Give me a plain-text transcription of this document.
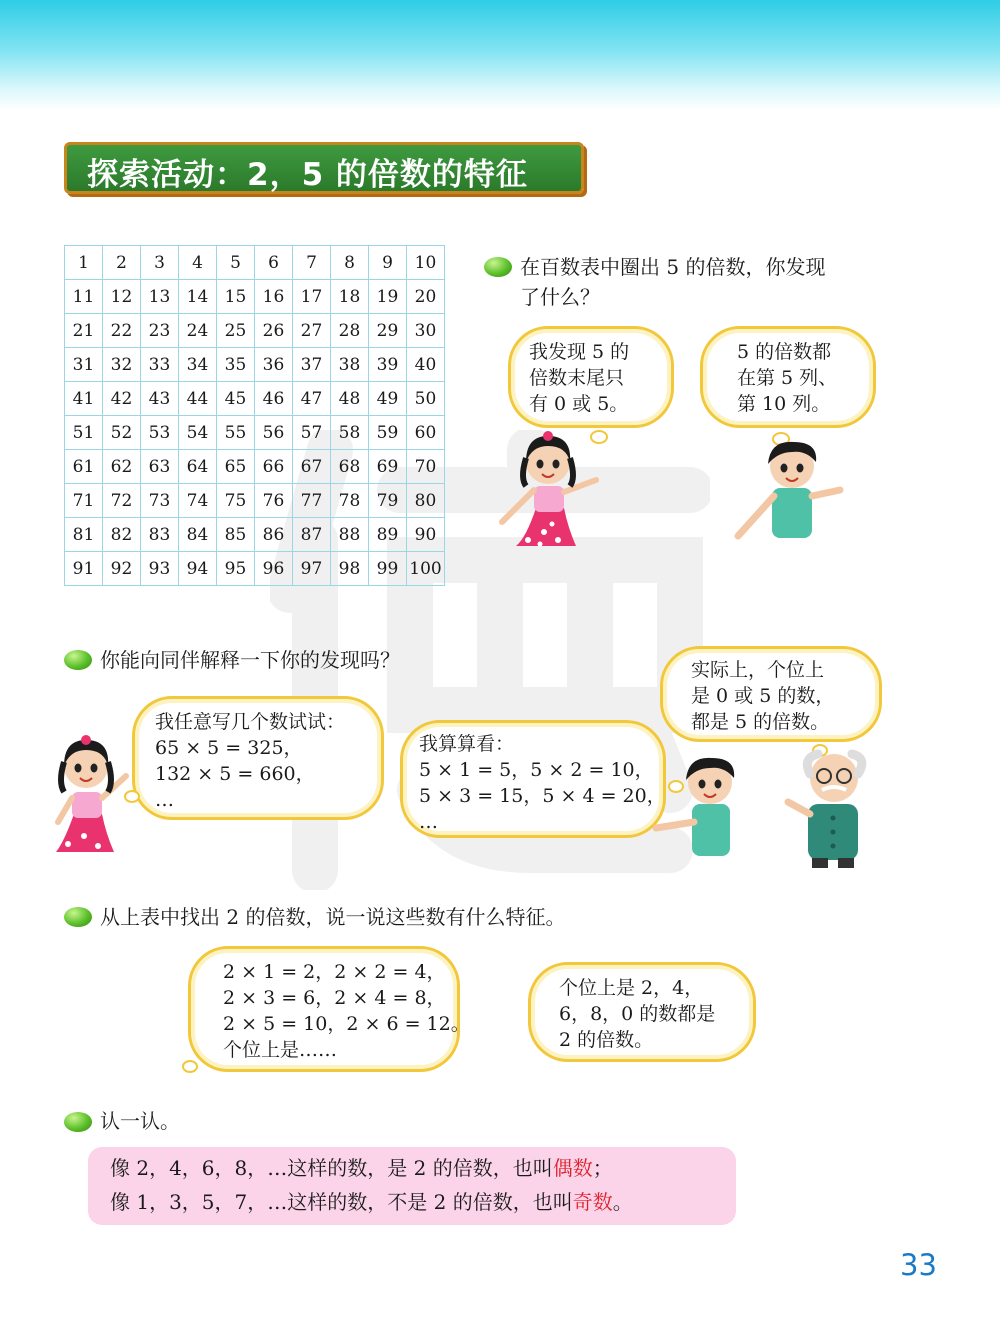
探索活动：2，5 的倍数的特征
1	2	3	4	5	6	7	8	9	10
11	12	13	14	15	16	17	18	19	20
21	22	23	24	25	26	27	28	29	30
31	32	33	34	35	36	37	38	39	40
41	42	43	44	45	46	47	48	49	50
51	52	53	54	55	56	57	58	59	60
61	62	63	64	65	66	67	68	69	70
71	72	73	74	75	76	77	78	79	80
81	82	83	84	85	86	87	88	89	90
91	92	93	94	95	96	97	98	99	100
在百数表中圈出 5 的倍数，你发现
了什么？
我发现 5 的
倍数末尾只
有 0 或 5。
5 的倍数都
在第 5 列、
第 10 列。
你能向同伴解释一下你的发现吗？
我任意写几个数试试：
65 × 5 = 325，
132 × 5 = 660，
…
我算算看：
5 × 1 = 5，5 × 2 = 10，
5 × 3 = 15，5 × 4 = 20，
…
实际上，个位上
是 0 或 5 的数，
都是 5 的倍数。
从上表中找出 2 的倍数，说一说这些数有什么特征。
2 × 1 = 2，2 × 2 = 4，
2 × 3 = 6，2 × 4 = 8，
2 × 5 = 10，2 × 6 = 12。
个位上是……
个位上是 2，4，
6，8，0 的数都是
2 的倍数。
认一认。
像 2，4，6，8，…这样的数，是 2 的倍数，也叫偶数；
像 1，3，5，7，…这样的数，不是 2 的倍数，也叫奇数。
33
